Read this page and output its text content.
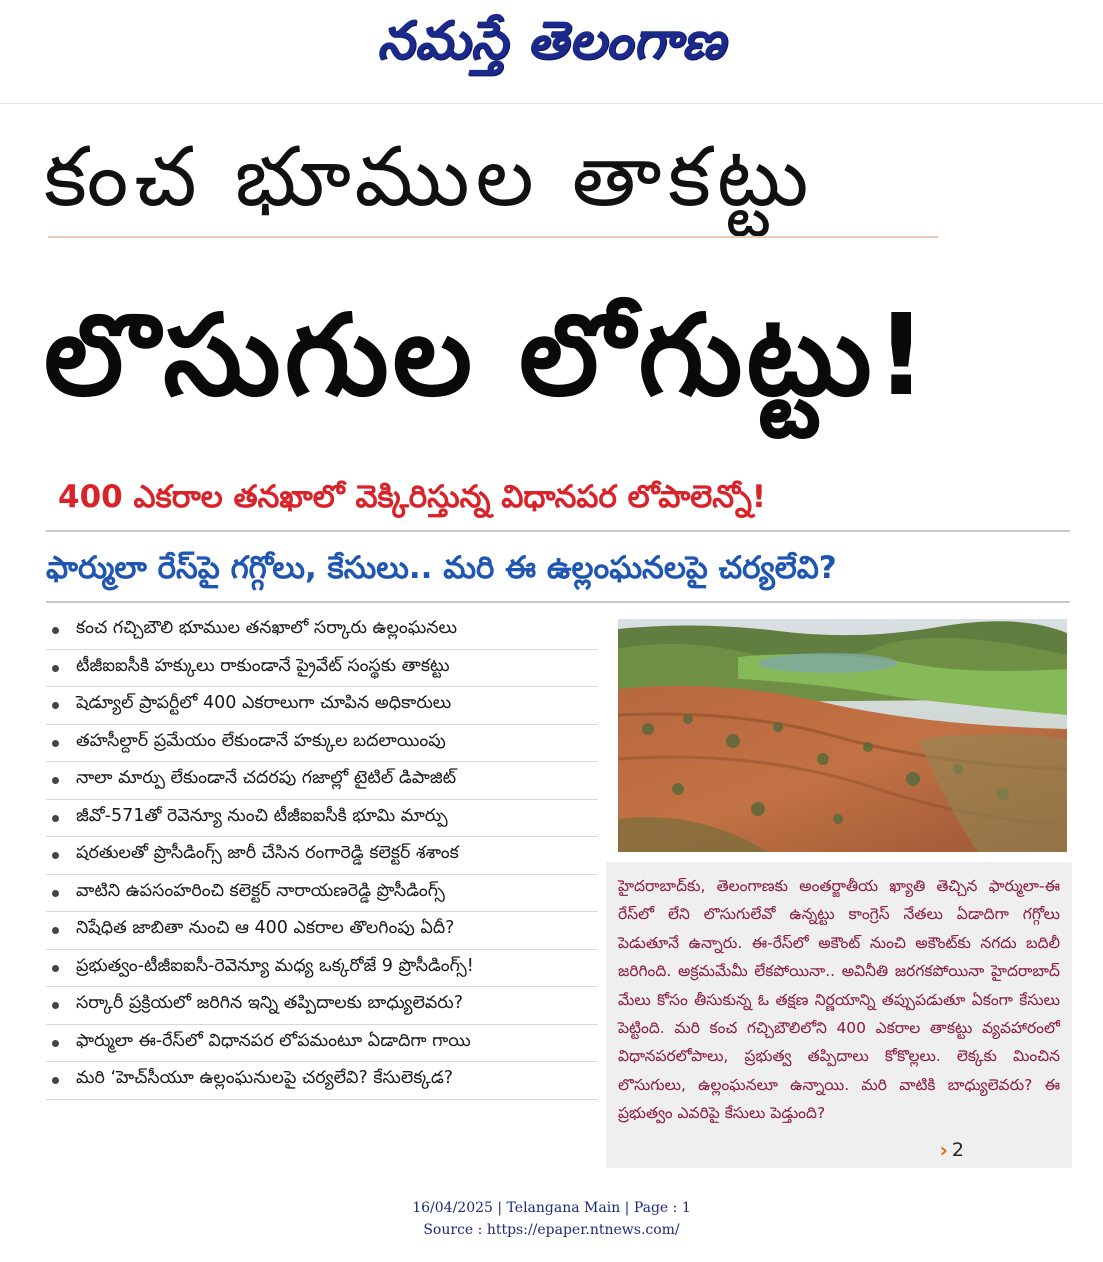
నమస్తే తెలంగాణ
కంచ భూముల తాకట్టు
లొసుగుల లోగుట్టు!
400 ఎకరాల తనఖాలో వెక్కిరిస్తున్న విధానపర లోపాలెన్నో!
ఫార్ములా రేస్‌పై గగ్గోలు, కేసులు.. మరి ఈ ఉల్లంఘనలపై చర్యలేవి?
కంచ గచ్చిబౌలి భూముల తనఖాలో సర్కారు ఉల్లంఘనలు
టీజీఐఐసీకి హక్కులు రాకుండానే ప్రైవేట్ సంస్థకు తాకట్టు
షెడ్యూల్ ప్రాపర్టీలో 400 ఎకరాలుగా చూపిన అధికారులు
తహసీల్దార్ ప్రమేయం లేకుండానే హక్కుల బదలాయింపు
నాలా మార్పు లేకుండానే చదరపు గజాల్లో టైటిల్ డిపాజిట్
జీవో-571తో రెవెన్యూ నుంచి టీజీఐఐసీకి భూమి మార్పు
షరతులతో ప్రొసీడింగ్స్ జారీ చేసిన రంగారెడ్డి కలెక్టర్ శశాంక
వాటిని ఉపసంహరించి కలెక్టర్ నారాయణరెడ్డి ప్రొసీడింగ్స్
నిషేధిత జాబితా నుంచి ఆ 400 ఎకరాల తొలగింపు ఏదీ?
ప్రభుత్వం-టీజీఐఐసీ-రెవెన్యూ మధ్య ఒక్కరోజే 9 ప్రొసీడింగ్స్!
సర్కారీ ప్రక్రియలో జరిగిన ఇన్ని తప్పిదాలకు బాధ్యులెవరు?
ఫార్ములా ఈ-రేస్‌లో విధానపర లోపమంటూ ఏడాదిగా గాయి
మరి ‘హెచ్‌సీయూ ఉల్లంఘనులపై చర్యలేవి? కేసులెక్కడ?

హైదరాబాద్‌కు, తెలంగాణకు అంతర్జాతీయ ఖ్యాతి తెచ్చిన ఫార్ములా-ఈ రేస్‌లో లేని లొసుగులేవో ఉన్నట్టు కాంగ్రెస్ నేతలు ఏడాదిగా గగ్గోలు పెడుతూనే ఉన్నారు. ఈ-రేస్‌లో అకౌంట్ నుంచి అకౌంట్‌కు నగదు బదిలీ జరిగింది. అక్రమమేమీ లేకపోయినా.. అవినీతి జరగకపోయినా హైదరాబాద్ మేలు కోసం తీసుకున్న ఓ తక్షణ నిర్ణయాన్ని తప్పుపడుతూ ఏకంగా కేసులు పెట్టింది. మరి కంచ గచ్చిబౌలిలోని 400 ఎకరాల తాకట్టు వ్యవహారంలో విధానపరలోపాలు, ప్రభుత్వ తప్పిదాలు కోకొల్లలు. లెక్కకు మించిన లొసుగులు, ఉల్లంఘనలూ ఉన్నాయి. మరి వాటికి బాధ్యులెవరు? ఈ ప్రభుత్వం ఎవరిపై కేసులు పెడ్తుంది?

› 2
16/04/2025 | Telangana Main | Page : 1
Source : https://epaper.ntnews.com/
